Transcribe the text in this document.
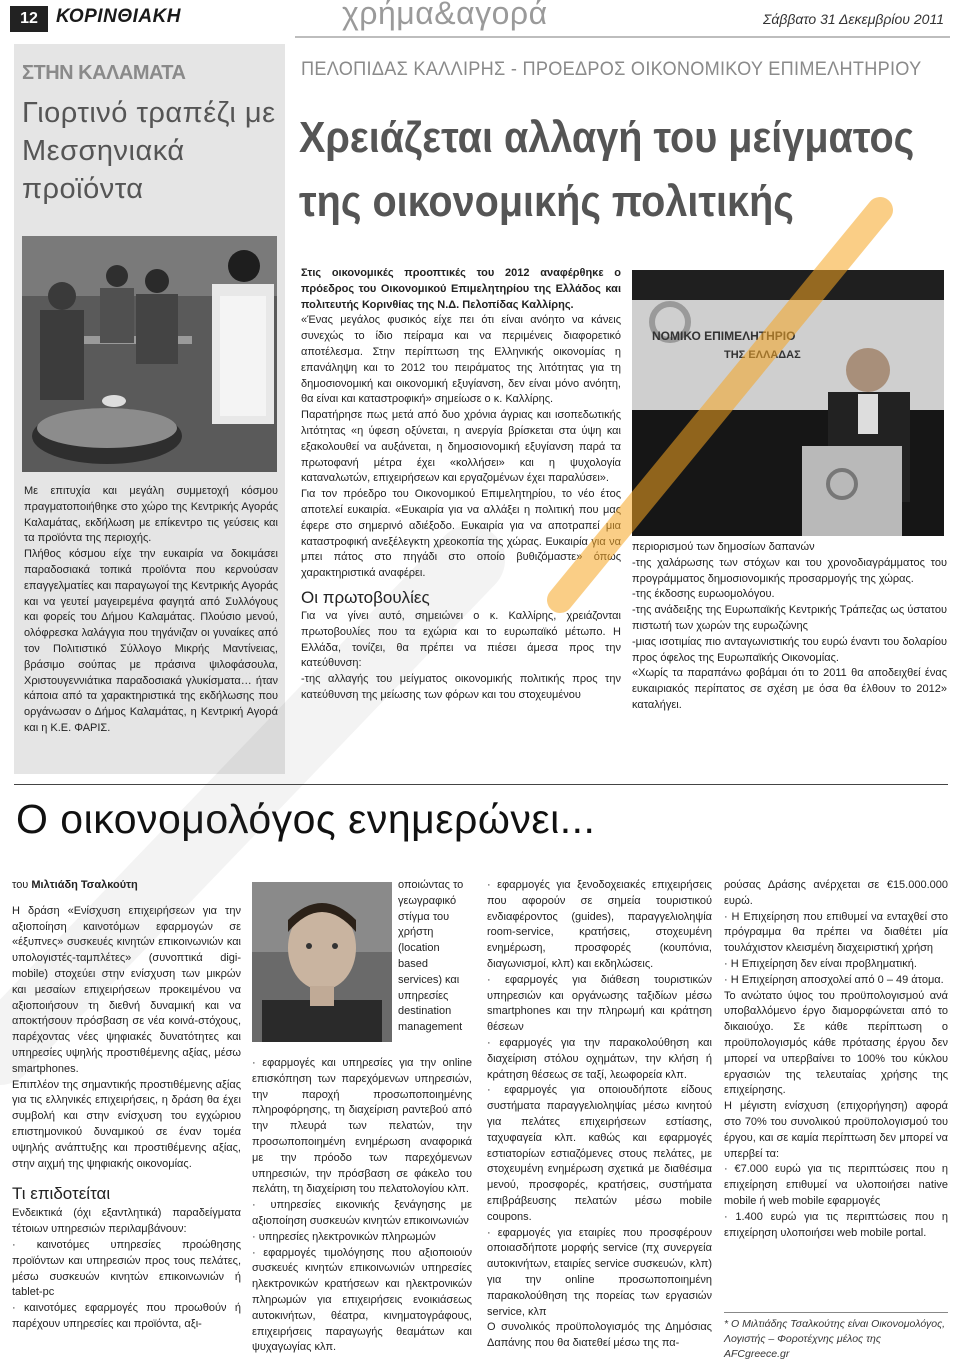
12 ΚΟΡΙΝΘΙΑΚΗ	χρήμα&αγορά	Σάββατο 31 Δεκεμβρίου 2011
ΣΤΗΝ ΚΑΛΑΜΑΤΑ
Γιορτινό τραπέζι με Μεσσηνιακά προϊόντα

Με επιτυχία και μεγάλη συμμετοχή κόσμου πραγματοποιήθηκε στο χώρο της Κεντρικής Αγοράς Καλαμάτας, εκδήλωση με επίκεντρο τις γεύσεις και τα προϊόντα της περιοχής.

Πλήθος κόσμου είχε την ευκαιρία να δοκιμάσει παραδοσιακά τοπικά προϊόντα που κερνούσαν επαγγελματίες και παραγωγοί της Κεντρικής Αγοράς και να γευτεί μαγειρεμένα φαγητά από Συλλόγους και φορείς του Δήμου Καλαμάτας. Πλούσιο μενού, ολόφρεσκα λαλάγγια που τηγάνιζαν οι γυναίκες από τον Πολιτιστικό Σύλλογο Μικρής Μαντίνειας, βράσιμο σούπας με πράσινα ψιλοφάσουλα, Χριστουγεννιάτικα παραδοσιακά γλυκίσματα… ήταν κάποια από τα χαρακτηριστικά της εκδήλωσης που οργάνωσαν ο Δήμος Καλαμάτας, η Κεντρική Αγορά και η Κ.Ε. ΦΑΡΙΣ.

ΠΕΛΟΠΙΔΑΣ ΚΑΛΛΙΡΗΣ - ΠΡΟΕΔΡΟΣ ΟΙΚΟΝΟΜΙΚΟΥ ΕΠΙΜΕΛΗΤΗΡΙΟΥ
Χρειάζεται αλλαγή του μείγματος
της οικονομικής πολιτικής

Στις οικονομικές προοπτικές του 2012 αναφέρθηκε ο πρόεδρος του Οικονομικού Επιμελητηρίου της Ελλάδος και πολιτευτής Κορινθίας της Ν.Δ. Πελοπίδας Καλλίρης.

«Ένας μεγάλος φυσικός είχε πει ότι είναι ανόητο να κάνεις συνεχώς το ίδιο πείραμα και να περιμένεις διαφορετικό αποτέλεσμα. Στην περίπτωση της Ελληνικής οικονομίας η επανάληψη και το 2012 του πειράματος της λιτότητας για τη δημοσιονομική και οικονομική εξυγίανση, δεν είναι μόνο ανόητη, θα είναι και καταστροφική» σημείωσε ο κ. Καλλίρης.

Παρατήρησε πως μετά από δυο χρόνια άγριας και ισοπεδωτικής λιτότητας «η ύφεση οξύνεται, η ανεργία βρίσκεται στα ύψη και εξακολουθεί να αυξάνεται, η δημοσιονομική εξυγίανση παρά τα πρωτοφανή μέτρα έχει «κολλήσει» και η ψυχολογία καταναλωτών, επιχειρήσεων και εργαζομένων έχει παραλύσει».

Για τον πρόεδρο του Οικονομικού Επιμελητηρίου, το νέο έτος αποτελεί ευκαιρία. «Ευκαιρία για να αλλάξει η πολιτική που μας έφερε στο σημερινό αδιέξοδο. Ευκαιρία για να αποτραπεί μια καταστροφική ανεξέλεγκτη χρεοκοπία της χώρας. Ευκαιρία για να μπει πάτος στο πηγάδι στο οποίο βυθιζόμαστε» όπως χαρακτηριστικά αναφέρει.

Οι πρωτοβουλίες

Για να γίνει αυτό, σημειώνει ο κ. Καλλίρης, χρειάζονται πρωτοβουλίες που τα εχώρια και το ευρωπαϊκό μέτωπο. Η Ελλάδα, τονίζει, θα πρέπει να πιέσει άμεσα προς την κατεύθυνση:

-της αλλαγής του μείγματος οικονομικής πολιτικής προς την κατεύθυνση της μείωσης των φόρων και του στοχευμένου

ΝΟΜΙΚΟ ΕΠΙΜΕΛΗΤΗΡΙΟ
ΤΗΣ ΕΛΛΑΔΑΣ

περιορισμού των δημοσίων δαπανών

-της χαλάρωσης των στόχων και του χρονοδιαγράμματος του προγράμματος δημοσιονομικής προσαρμογής της χώρας.

-της έκδοσης ευρωομολόγου.

-της ανάδειξης της Ευρωπαϊκής Κεντρικής Τράπεζας ως ύστατου πιστωτή των χωρών της ευρωζώνης

-μιας ισοτιμίας πιο ανταγωνιστικής του ευρώ έναντι του δολαρίου προς όφελος της Ευρωπαϊκής Οικονομίας.

«Χωρίς τα παραπάνω φοβάμαι ότι το 2011 θα αποδειχθεί ένας ευκαιριακός περίπατος σε σχέση με όσα θα έλθουν το 2012» καταλήγει.

Ο οικονομολόγος ενημερώνει...

του Μιλτιάδη Τσαλκούτη

Η δράση «Ενίσχυση επιχειρήσεων για την αξιοποίηση καινοτόμων εφαρμογών σε «έξυπνες» συσκευές κινητών επικοινωνιών και υπολογιστές-ταμπλέτες» (συνοπτικά digi-mobile) στοχεύει στην ενίσχυση των μικρών και μεσαίων επιχειρήσεων προκειμένου να αξιοποιήσουν τη διεθνή δυναμική και να αποκτήσουν πρόσβαση σε νέα κοινά-στόχους, παρέχοντας νέες ψηφιακές δυνατότητες και υπηρεσίες υψηλής προστιθέμενης αξίας, μέσω smartphones.

Επιπλέον της σημαντικής προστιθέμενης αξίας για τις ελληνικές επιχειρήσεις, η δράση θα έχει συμβολή και στην ενίσχυση του εγχώριου επιστημονικού δυναμικού σε έναν τομέα υψηλής ανάπτυξης και προστιθέμενης αξίας, στην αιχμή της ψηφιακής οικονομίας.

Τι επιδοτείται

Ενδεικτικά (όχι εξαντλητικά) παραδείγματα τέτοιων υπηρεσιών περιλαμβάνουν:

· καινοτόμες υπηρεσίες προώθησης προϊόντων και υπηρεσιών προς τους πελάτες, μέσω συσκευών κινητών επικοινωνιών ή tablet-pc

· καινοτόμες εφαρμογές που προωθούν ή παρέχουν υπηρεσίες και προϊόντα, αξι-

οποιώντας το γεωγραφικό στίγμα του χρήστη (location based services) και υπηρεσίες destination management

· εφαρμογές και υπηρεσίες για την online επισκόπηση των παρεχόμενων υπηρεσιών, την παροχή προσωποποιημένης πληροφόρησης, τη διαχείριση ραντεβού από την πλευρά των πελατών, την προσωποποιημένη ενημέρωση αναφορικά με την πρόοδο των παρεχόμενων υπηρεσιών, την πρόσβαση σε φάκελο του πελάτη, τη διαχείριση του πελατολογίου κλπ.

· υπηρεσίες εικονικής ξενάγησης με αξιοποίηση συσκευών κινητών επικοινωνιών

· υπηρεσίες ηλεκτρονικών πληρωμών

· εφαρμογές τιμολόγησης που αξιοποιούν συσκευές κινητών επικοινωνιών υπηρεσίες ηλεκτρονικών κρατήσεων και ηλεκτρονικών πληρωμών για επιχειρήσεις ενοικιάσεως αυτοκινήτων, θέατρα, κινηματογράφους, επιχειρήσεις παραγωγής θεαμάτων και ψυχαγωγίας κλπ.

· εφαρμογές για ξενοδοχειακές επιχειρήσεις που αφορούν σε σημεία τουριστικού ενδιαφέροντος (guides), παραγγελιοληψία room-service, κρατήσεις, στοχευμένη ενημέρωση, προσφορές (κουπόνια, διαγωνισμοί, κλπ) και εκδηλώσεις.

· εφαρμογές για διάθεση τουριστικών υπηρεσιών και οργάνωσης ταξιδίων μέσω smartphones και την πληρωμή και κράτηση θέσεων

· εφαρμογές για την παρακολούθηση και διαχείριση στόλου οχημάτων, την κλήση ή κράτηση θέσεως σε ταξί, λεωφορεία κλπ.

· εφαρμογές για οποιουδήποτε είδους συστήματα παραγγελιοληψίας μέσω κινητού για πελάτες επιχειρήσεων εστίασης, ταχυφαγεία κλπ. καθώς και εφαρμογές εστιατορίων εστιαζόμενες στους πελάτες, με στοχευμένη ενημέρωση σχετικά με διαθέσιμα μενού, προσφορές, κρατήσεις, συστήματα επιβράβευσης πελατών μέσω mobile coupons.

· εφαρμογές για εταιρίες που προσφέρουν οποιασδήποτε μορφής service (πχ συνεργεία αυτοκινήτων, εταιρίες service συσκευών, κλπ) για την online προσωποποιημένη παρακολούθηση της πορείας των εργασιών service, κλπ

Ο συνολικός προϋπολογισμός της Δημόσιας Δαπάνης που θα διατεθεί μέσω της πα-

ρούσας Δράσης ανέρχεται σε €15.000.000 ευρώ.

· Η Επιχείρηση που επιθυμεί να ενταχθεί στο πρόγραμμα θα πρέπει να διαθέτει μία τουλάχιστον κλεισμένη διαχειριστική χρήση

· Η Επιχείρηση δεν είναι προβληματική.

· Η Επιχείρηση αποσχολεί από 0 – 49 άτομα.

Το ανώτατο ύψος του προϋπολογισμού ανά υποβαλλόμενο έργο διαμορφώνεται από το δικαιούχο. Σε κάθε περίπτωση ο προϋπολογισμός κάθε πρότασης έργου δεν μπορεί να υπερβαίνει το 100% του κύκλου εργασιών της τελευταίας χρήσης της επιχείρησης.

Η μέγιστη ενίσχυση (επιχορήγηση) αφορά στο 70% του συνολικού προϋπολογισμού του έργου, και σε καμία περίπτωση δεν μπορεί να υπερβεί τα:

· €7.000 ευρώ για τις περιπτώσεις που η επιχείρηση επιθυμεί να υλοποιήσει native mobile ή web mobile εφαρμογές

· 1.400 ευρώ για τις περιπτώσεις που η επιχείρηση υλοποιήσει web mobile portal.

* Ο Μιλτιάδης Τσαλκούτης είναι Οικονομολόγος, Λογιστής – Φοροτέχνης μέλος της AFCgreece.gr
